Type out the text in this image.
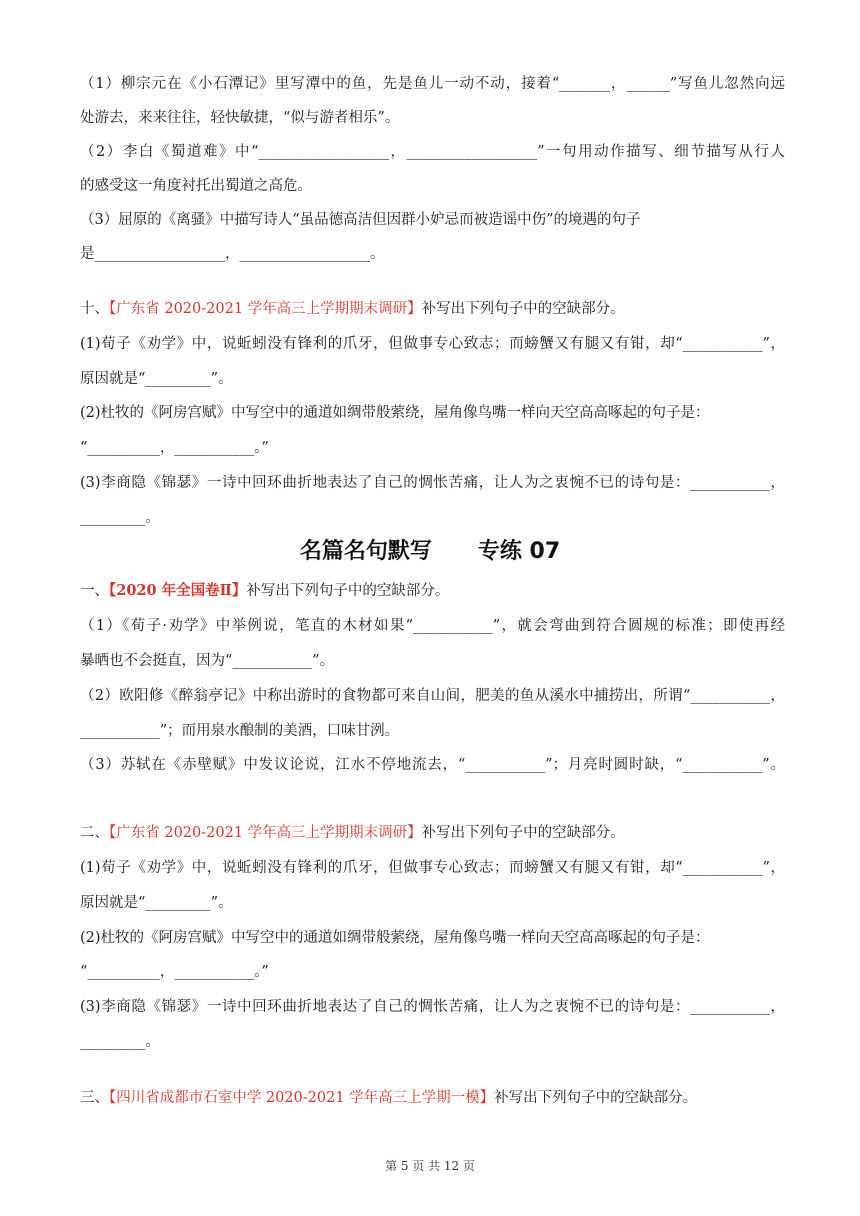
（1）柳宗元在《小石潭记》里写潭中的鱼，先是鱼儿一动不动，接着“_______，______”写鱼儿忽然向远
处游去，来来往往，轻快敏捷，“似与游者相乐”。
（2）李白《蜀道难》中“__________________，__________________”一句用动作描写、细节描写从行人
的感受这一角度衬托出蜀道之高危。
（3）屈原的《离骚》中描写诗人“虽品德高洁但因群小妒忌而被造谣中伤”的境遇的句子
是__________________，__________________。
十、【广东省 2020-2021 学年高三上学期期末调研】补写出下列句子中的空缺部分。
(1)荀子《劝学》中，说蚯蚓没有锋利的爪牙，但做事专心致志；而螃蟹又有腿又有钳，却“___________”，
原因就是“_________”。
(2)杜牧的《阿房宫赋》中写空中的通道如绸带般萦绕，屋角像鸟嘴一样向天空高高啄起的句子是：
“__________，___________。”
(3)李商隐《锦瑟》一诗中回环曲折地表达了自己的惆怅苦痛，让人为之衷惋不已的诗句是：___________，
_________。
名篇名句默写 专练 07
一、【2020 年全国卷Ⅱ】补写出下列句子中的空缺部分。
（1）《荀子·劝学》中举例说，笔直的木材如果“___________”，就会弯曲到符合圆规的标准；即使再经
暴晒也不会挺直，因为“___________”。
（2）欧阳修《醉翁亭记》中称出游时的食物都可来自山间，肥美的鱼从溪水中捕捞出，所谓“___________，
___________”；而用泉水酿制的美酒，口味甘洌。
（3）苏轼在《赤壁赋》中发议论说，江水不停地流去，“___________”；月亮时圆时缺，“___________”。
二、【广东省 2020-2021 学年高三上学期期末调研】补写出下列句子中的空缺部分。
(1)荀子《劝学》中，说蚯蚓没有锋利的爪牙，但做事专心致志；而螃蟹又有腿又有钳，却“___________”，
原因就是“_________”。
(2)杜牧的《阿房宫赋》中写空中的通道如绸带般萦绕，屋角像鸟嘴一样向天空高高啄起的句子是：
“__________，___________。”
(3)李商隐《锦瑟》一诗中回环曲折地表达了自己的惆怅苦痛，让人为之衷惋不已的诗句是：___________，
_________。
三、【四川省成都市石室中学 2020-2021 学年高三上学期一模】补写出下列句子中的空缺部分。
第 5 页 共 12 页
